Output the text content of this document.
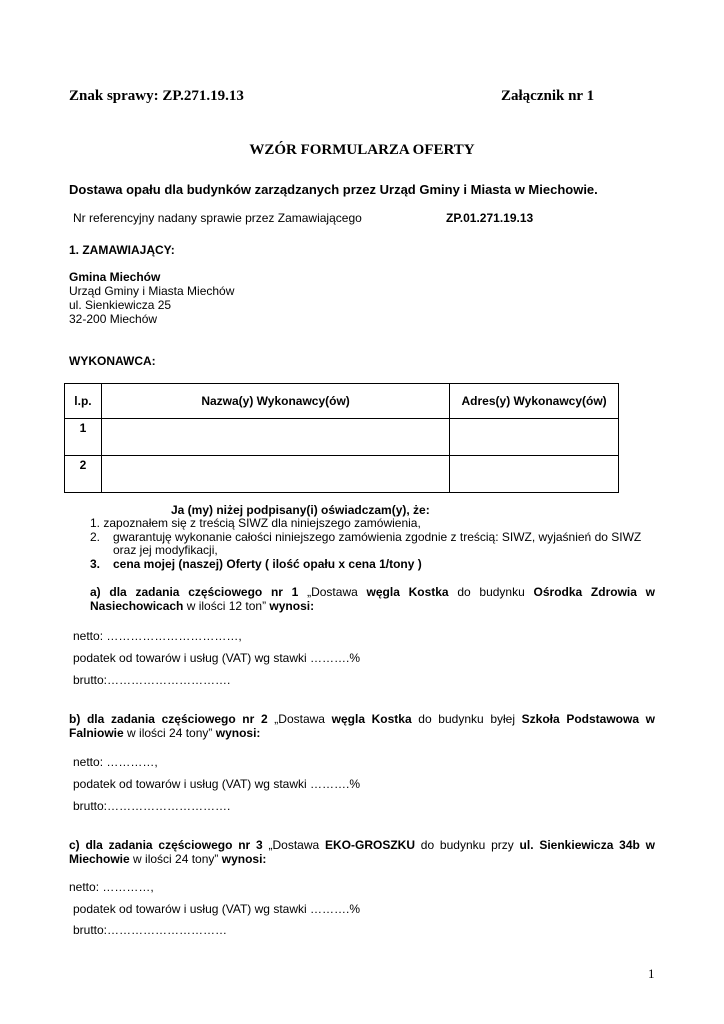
Znak sprawy: ZP.271.19.13	Załącznik nr 1
WZÓR FORMULARZA OFERTY
Dostawa opału dla budynków zarządzanych przez Urząd Gminy i Miasta w Miechowie.
Nr referencyjny nadany sprawie przez Zamawiającego	ZP.01.271.19.13
1. ZAMAWIAJĄCY:
Gmina Miechów
Urząd Gminy i Miasta Miechów
ul. Sienkiewicza 25
32-200 Miechów
WYKONAWCA:
l.p.	Nazwa(y) Wykonawcy(ów)	Adres(y) Wykonawcy(ów)
1		
2		
Ja (my) niżej podpisany(i) oświadczam(y), że:
1. zapoznałem się z treścią SIWZ dla niniejszego zamówienia,
2. gwarantuję wykonanie całości niniejszego zamówienia zgodnie z treścią: SIWZ, wyjaśnień do SIWZ
oraz jej modyfikacji,
3. cena mojej (naszej) Oferty ( ilość opału x cena 1/tony )
a) dla zadania częściowego nr 1 „Dostawa węgla Kostka do budynku Ośrodka Zdrowia w
Nasiechowicach w ilości 12 ton” wynosi:
netto: ……………………………,
podatek od towarów i usług (VAT) wg stawki ……….%
brutto:………………………….
b) dla zadania częściowego nr 2 „Dostawa węgla Kostka do budynku byłej Szkoła Podstawowa w
Falniowie w ilości 24 tony” wynosi:
netto: …………,
podatek od towarów i usług (VAT) wg stawki ……….%
brutto:………………………….
c) dla zadania częściowego nr 3 „Dostawa EKO-GROSZKU do budynku przy ul. Sienkiewicza 34b w
Miechowie w ilości 24 tony” wynosi:
netto: …………,
podatek od towarów i usług (VAT) wg stawki ……….%
brutto:…………………………
1
